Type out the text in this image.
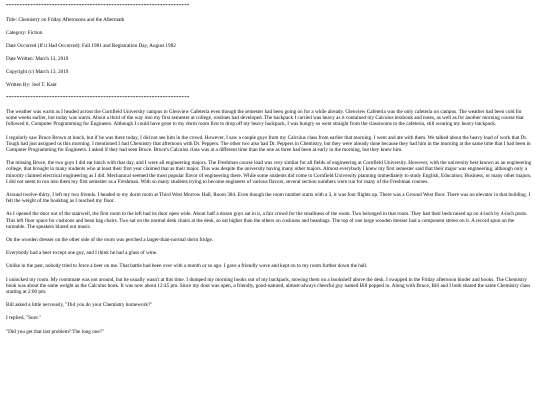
********************************************************************
Title: Chemistry on Friday Afternoons and the Aftermath
Category: Fiction
Date Occurred (If it Had Occurred): Fall 1981 and Registration Day, August 1982
Date Written: March 13, 2019
Copyright (c) March 13, 2019
Written By: Joel T. Kant
********************************************************************

The weather was warm as I headed across the Cornfield University campus to Glenview Cafeteria even though the semester had been going on for a while already. Glenview Cafeteria was the only cafeteria on campus. The weather had been cold for some weeks earlier, but today was warm. About a third of the way into my first semester at college, routines had developed. The backpack I carried was heavy as it contained my Calculus textbook and notes, as well as for another morning course that followed it, Computer Programming for Engineers. Although I could have gone to my dorm room first to drop off my heavy backpack, I was hungry so went straight from the classrooms to the cafeteria, still wearing my heavy backpack.

I regularly saw Bruce Brown at lunch, but if he was there today, I did not see him in the crowd. However, I saw a couple guys from my Calculus class from earlier that morning. I went and ate with them. We talked about the heavy load of work that Dr. Tough had just assigned us this morning. I mentioned I had Chemistry that afternoon with Dr. Peppers. The other two also had Dr. Peppers in Chemistry, but they were already done because they had him in the morning at the same time that I had been in Computer Programming for Engineers. I asked if they had seen Bruce. Bruce's Calculus class was at a different time than the one as three had been at early in the morning, but they knew him.

The missing Bruce, the two guys I did eat lunch with that day, and I were all engineering majors. The Freshman course load was very similar for all fields of engineering at Cornfield University. However, with the university best known as an engineering college, that brought in many students who at least their first year claimed that as their major. This was despite the university having many other majors. Almost everybody I knew my first semester said that their major was engineering, although only a minority claimed electrical engineering as I did. Mechanical seemed the most popular flavor of engineering there. While some students did come to Cornfield University planning immediately to study English, Education, Business, or many other majors, I did not seem to run into them my first semester as a Freshman. With so many students trying to become engineers of various flavors, several section numbers were run for many of the Freshman courses.

Around twelve-thirty, I left my two friends. I headed to my dorm room at Third West Morrow Hall, Room 304. Even though the room number starts with a 3, it was four flights up. There was a Ground West floor. There was no elevator in that building. I felt the weight of the bookbag as I reached my floor.

As I opened the door out of the stairwell, the first room to the left had its door open wide. About half a dozen guys sat in it, a fair crowd for the smallness of the room. Two belonged in that room. They had their beds raised up on 4-inch by 4-inch posts. This left floor space for cushions and bean bag chairs. Two sat on the normal desk chairs at the desk, so sat higher than the others on cushions and beanbags. The top of one large wooden dresser had a component stereo on it. A record spun on the turntable. The speakers blared out music.

On the wooden dresser on the other side of the room was perched a larger-than-normal dorm fridge.

Everybody had a beer except one guy, and I think he had a glass of wine.

Unlike in the past, nobody tried to force a beer on me. That battle had been over with a month or so ago. I gave a friendly wave and kept on to my room further down the hall.

I unlocked my room. My roommate was not around, but he usually wasn't at this time. I dumped my morning books out of my backpack, stowing them on a bookshelf above the desk. I swapped in the Friday afternoon binder and books. The Chemistry book was about the same weight as the Calculus book. It was now about 12:45 pm. Since my door was open, a friendly, good-natured, almost-always cheerful guy named Bill popped in. Along with Bruce, Bill and I both shared the same Chemistry class starting at 2:00 pm.

Bill asked a little nervously, "Did you do your Chemistry homework?"

I replied, "Sure."

"Did you get that last problem? The long one?"
